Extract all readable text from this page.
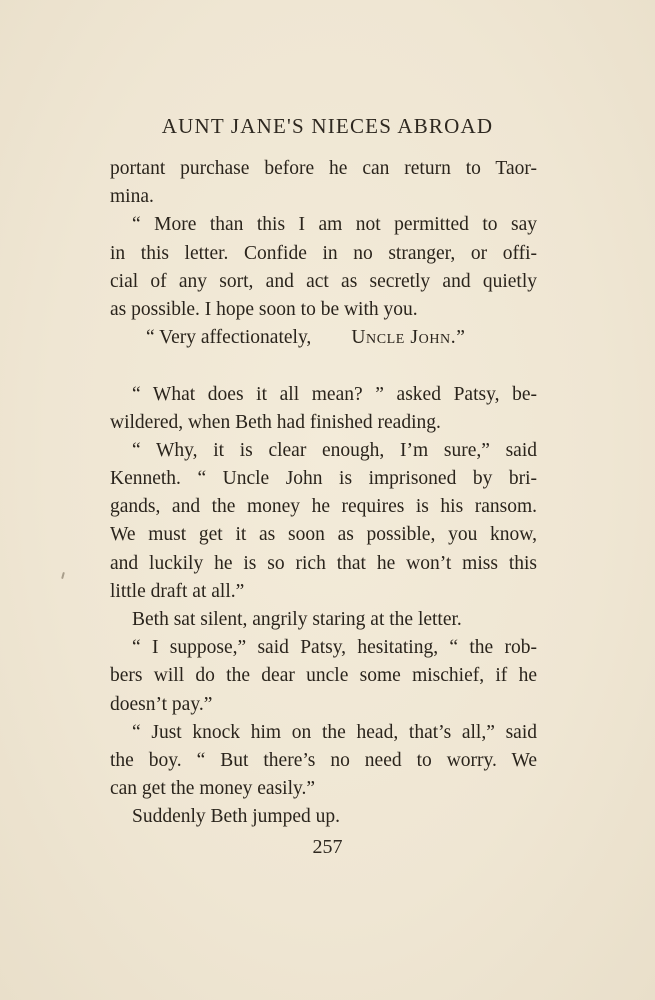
AUNT JANE'S NIECES ABROAD
portant purchase before he can return to Taor-
mina.
“ More than this I am not permitted to say
in this letter. Confide in no stranger, or offi-
cial of any sort, and act as secretly and quietly
as possible. I hope soon to be with you.
“ Very affectionately, Uncle John.”
“ What does it all mean? ” asked Patsy, be-
wildered, when Beth had finished reading.
“ Why, it is clear enough, I’m sure,” said
Kenneth. “ Uncle John is imprisoned by bri-
gands, and the money he requires is his ransom.
We must get it as soon as possible, you know,
and luckily he is so rich that he won’t miss this
little draft at all.”
Beth sat silent, angrily staring at the letter.
“ I suppose,” said Patsy, hesitating, “ the rob-
bers will do the dear uncle some mischief, if he
doesn’t pay.”
“ Just knock him on the head, that’s all,” said
the boy. “ But there’s no need to worry. We
can get the money easily.”
Suddenly Beth jumped up.
257
